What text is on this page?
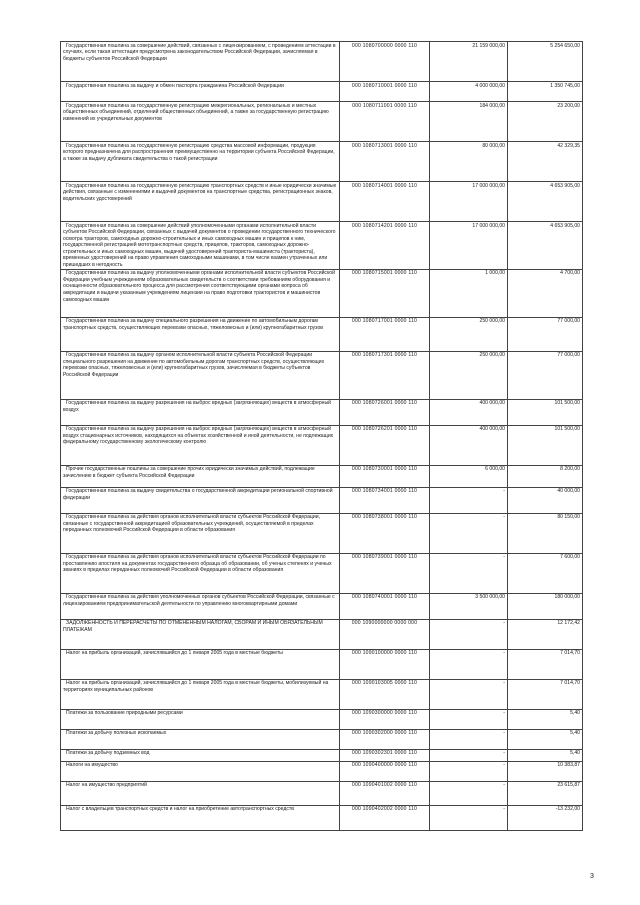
Государственная пошлина за совершение действий, связанных с лицензированием, с проведением аттестации в случаях, если такая аттестация предусмотрена законодательством Российской Федерации, зачисляемая в бюджеты субъектов Российской Федерации	000 1080700000 0000 110	21 159 000,00	5 254 650,00
Государственная пошлина за выдачу и обмен паспорта гражданина Российской Федерации	000 1080710001 0000 110	4 000 000,00	1 350 745,00
Государственная пошлина за государственную регистрацию межрегиональных, региональных и местных общественных объединений, отделений общественных объединений, а также за государственную регистрацию изменений их учредительных документов	000 1080711001 0000 110	184 000,00	23 200,00
Государственная пошлина за государственную регистрацию средства массовой информации, продукция которого предназначена для распространения преимущественно на территории субъекта Российской Федерации, а также за выдачу дубликата свидетельства о такой регистрации	000 1080713001 0000 110	80 000,00	42 329,35
Государственная пошлина за государственную регистрацию транспортных средств и иные юридически значимые действия, связанные с изменениями и выдачей документов на транспортные средства, регистрационных знаков, водительских удостоверений	000 1080714001 0000 110	17 000 000,00	4 653 905,00
Государственная пошлина за совершение действий уполномоченными органами исполнительной власти субъектов Российской Федерации, связанных с выдачей документов о проведении государственного технического осмотра тракторов, самоходных дорожно-строительных и иных самоходных машин и прицепов к ним, государственной регистрацией мототранспортных средств, прицепов, тракторов, самоходных дорожно-строительных и иных самоходных машин, выдачей удостоверений тракториста-машиниста (тракториста), временных удостоверений на право управления самоходными машинами, в том числе взамен утраченных или пришедших в негодность	000 1080714201 0000 110	17 000 000,00	4 653 905,00
Государственная пошлина за выдачу уполномоченными органами исполнительной власти субъектов Российской Федерации учебным учреждениям образовательных свидетельств о соответствии требованиям оборудования и оснащенности образовательного процесса для рассмотрения соответствующими органами вопроса об аккредитации и выдачи указанным учреждениям лицензии на право подготовки трактористов и машинистов самоходных машин	000 1080715001 0000 110	1 000,00	4 700,00
Государственная пошлина за выдачу специального разрешения на движение по автомобильным дорогам транспортных средств, осуществляющих перевозки опасных, тяжеловесных и (или) крупногабаритных грузов	000 1080717001 0000 110	250 000,00	77 000,00
Государственная пошлина за выдачу органом исполнительной власти субъекта Российской Федерации специального разрешения на движение по автомобильным дорогам транспортных средств, осуществляющих перевозки опасных, тяжеловесных и (или) крупногабаритных грузов, зачисляемая в бюджеты субъектов Российской Федерации	000 1080717301 0000 110	250 000,00	77 000,00
Государственная пошлина за выдачу разрешения на выброс вредных (загрязняющих) веществ в атмосферный воздух	000 1080726001 0000 110	400 000,00	101 500,00
Государственная пошлина за выдачу разрешения на выброс вредных (загрязняющих) веществ в атмосферный воздух стационарных источников, находящихся на объектах хозяйственной и иной деятельности, не подлежащих федеральному государственному экологическому контролю	000 1080726201 0000 110	400 000,00	101 500,00
Прочие государственные пошлины за совершение прочих юридически значимых действий, подлежащие зачислению в бюджет субъекта Российской Федерации	000 1080730001 0000 110	6 000,00	8 200,00
Государственная пошлина за выдачу свидетельства о государственной аккредитации региональной спортивной федерации	000 1080734001 0000 110	-	40 000,00
Государственная пошлина за действия органов исполнительной власти субъектов Российской Федерации, связанные с государственной аккредитацией образовательных учреждений, осуществляемой в пределах переданных полномочий Российской Федерации в области образования	000 1080738001 0000 110	-	80 150,00
Государственная пошлина за действия органов исполнительной власти субъектов Российской Федерации по проставлению апостиля на документах государственного образца об образовании, об ученых степенях и ученых званиях в пределах переданных полномочий Российской Федерации в области образования	000 1080739001 0000 110	-	7 600,00
Государственная пошлина за действия уполномоченных органов субъектов Российской Федерации, связанные с лицензированием предпринимательской деятельности по управлению многоквартирными домами	000 1080740001 0000 110	3 500 000,00	180 000,00
ЗАДОЛЖЕННОСТЬ И ПЕРЕРАСЧЕТЫ ПО ОТМЕНЕННЫМ НАЛОГАМ, СБОРАМ И ИНЫМ ОБЯЗАТЕЛЬНЫМ ПЛАТЕЖАМ	000 1090000000 0000 000	-	12 172,42
Налог на прибыль организаций, зачислявшийся до 1 января 2005 года в местные бюджеты	000 1090100000 0000 110	-	7 014,70
Налог на прибыль организаций, зачислявшийся до 1 января 2005 года в местные бюджеты, мобилизуемый на территориях муниципальных районов	000 1090103005 0000 110	-	7 014,70
Платежи за пользование природными ресурсами	000 1090300000 0000 110	-	5,40
Платежи за добычу полезных ископаемых	000 1090302000 0000 110	-	5,40
Платежи за добычу подземных вод	000 1090302301 0000 110	-	5,40
Налоги на имущество	000 1090400000 0000 110	-	10 383,87
Налог на имущество предприятий	000 1090401002 0000 110	-	23 615,87
Налог с владельцев транспортных средств и налог на приобретение автотранспортных средств	000 1090402002 0000 110	-	-13 232,00
3
